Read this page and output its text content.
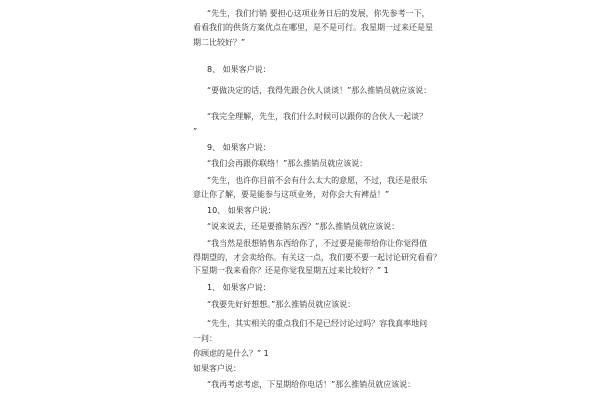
“先生，我们行销 要担心这项业务日后的发展，你先参考一下，
看看我们的供货方案优点在哪里，是不是可行。我星期一过来还是星
期二比较好？”
8、 如果客户说：
“要做决定的话，我得先跟合伙人谈谈！”那么推销员就应该说：
“我完全理解，先生，我们什么时候可以跟你的合伙人一起谈？
”
9、 如果客户说：
“我们会再跟你联络！”那么推销员就应该说：
“先生，也许你目前不会有什么太大的意愿，不过，我还是很乐
意让你了解，要是能参与这项业务，对你会大有裨益！”
10、 如果客户说：
“说来说去，还是要推销东西？”那么推销员就应该说：
“我当然是很想销售东西给你了，不过要是能带给你让你觉得值
得期望的，才会卖给你。有关这一点，我们要不要一起讨论研究看看？
下星期一我来看你？还是你觉我星期五过来比较好？” 1
1、 如果客户说：
“我要先好好想想。”那么推销员就应该说：
“先生，其实相关的重点我们不是已经讨论过吗？容我真率地问
一问：
你顾虑的是什么？” 1
如果客户说：
“我再考虑考虑，下星期给你电话！”那么推销员就应该说：
